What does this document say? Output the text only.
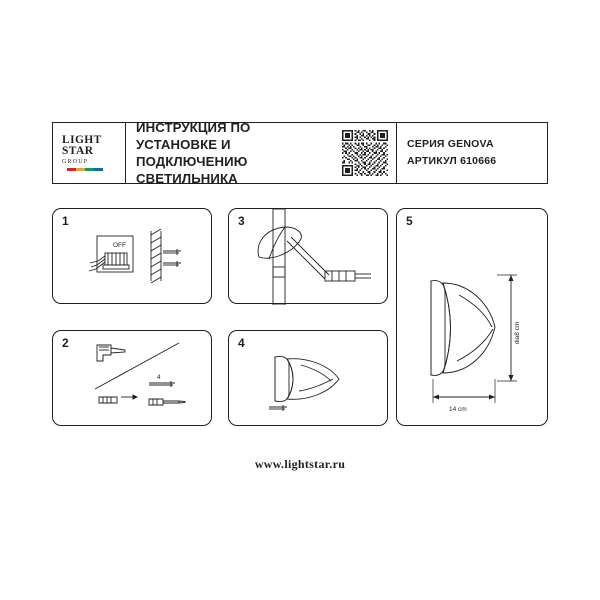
LIGHT
STAR
GROUP
ИНСТРУКЦИЯ ПО УСТАНОВКЕ И
ПОДКЛЮЧЕНИЮ СВЕТИЛЬНИКА
СЕРИЯ GENOVA
АРТИКУЛ 610666
1
OFF
2
4
3
4
5
dia8 cm
14 cm
www.lightstar.ru
